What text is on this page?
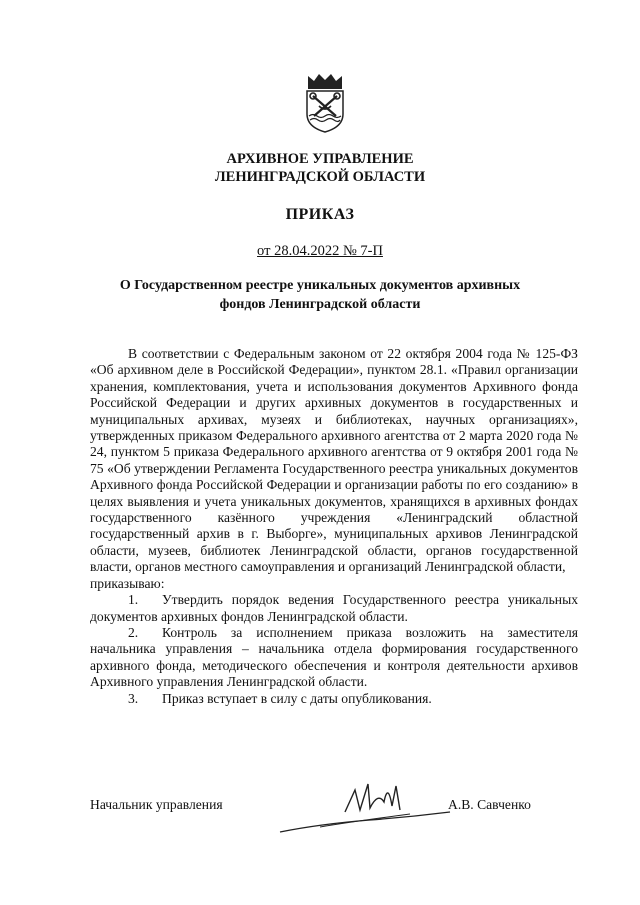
АРХИВНОЕ УПРАВЛЕНИЕ
ЛЕНИНГРАДСКОЙ ОБЛАСТИ
ПРИКАЗ
от 28.04.2022 № 7-П
О Государственном реестре уникальных документов архивных
фондов Ленинградской области

В соответствии с Федеральным законом от 22 октября 2004 года № 125-ФЗ «Об архивном деле в Российской Федерации», пунктом 28.1. «Правил организации хранения, комплектования, учета и использования документов Архивного фонда Российской Федерации и других архивных документов в государственных и муниципальных архивах, музеях и библиотеках, научных организациях», утвержденных приказом Федерального архивного агентства от 2 марта 2020 года № 24, пунктом 5 приказа Федерального архивного агентства от 9 октября 2001 года № 75 «Об утверждении Регламента Государственного реестра уникальных документов Архивного фонда Российской Федерации и организации работы по его созданию» в целях выявления и учета уникальных документов, хранящихся в архивных фондах государственного казённого учреждения «Ленинградский областной государственный архив в г. Выборге», муниципальных архивов Ленинградской области, музеев, библиотек Ленинградской области, органов государственной власти, органов местного самоуправления и организаций Ленинградской области,

приказываю:

1. Утвердить порядок ведения Государственного реестра уникальных документов архивных фондов Ленинградской области.

2. Контроль за исполнением приказа возложить на заместителя начальника управления – начальника отдела формирования государственного архивного фонда, методического обеспечения и контроля деятельности архивов Архивного управления Ленинградской области.

3. Приказ вступает в силу с даты опубликования.

Начальник управления	А.В. Савченко
